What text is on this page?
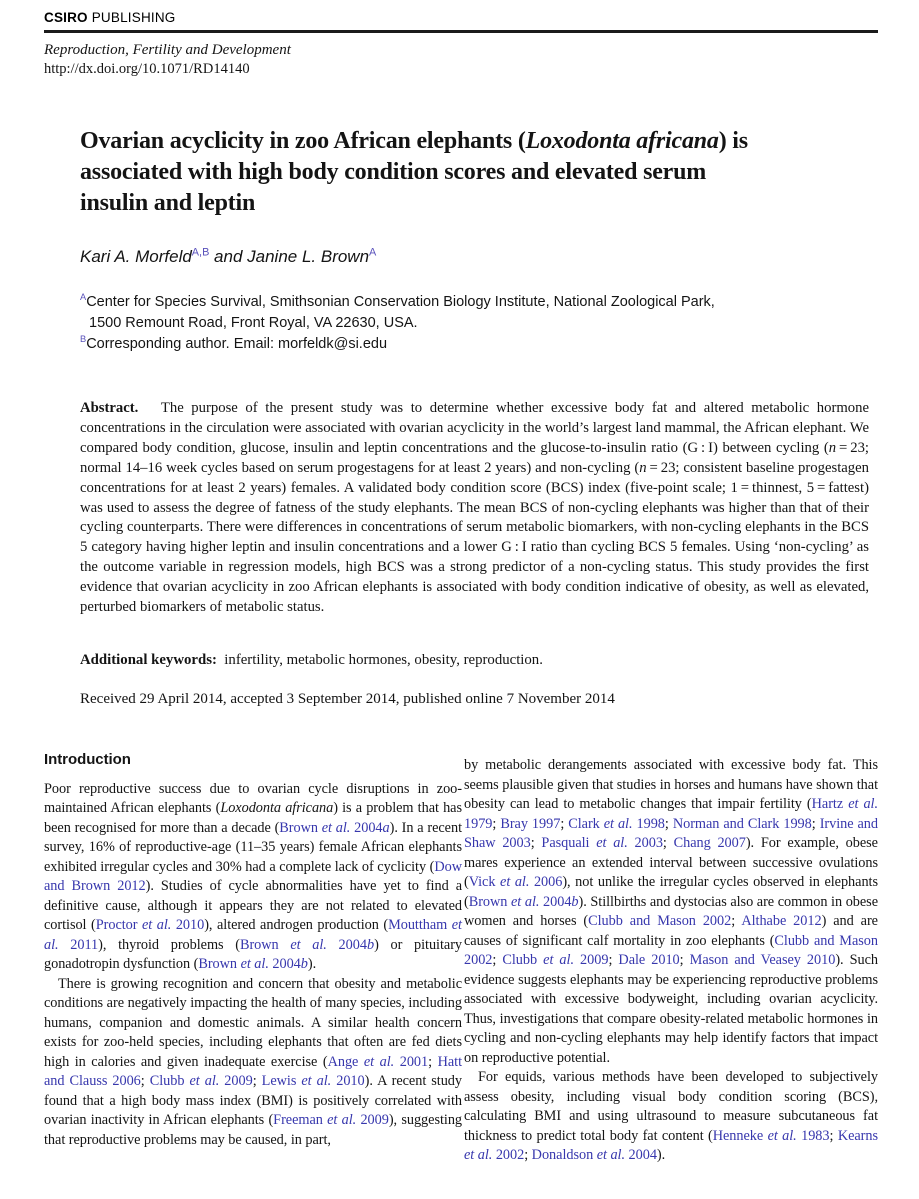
CSIRO PUBLISHING
Reproduction, Fertility and Development
http://dx.doi.org/10.1071/RD14140
Ovarian acyclicity in zoo African elephants (Loxodonta africana) is associated with high body condition scores and elevated serum insulin and leptin
Kari A. Morfeld$^{A,B}$ and Janine L. Brown$^A$

$^A$Center for Species Survival, Smithsonian Conservation Biology Institute, National Zoological Park, 1500 Remount Road, Front Royal, VA 22630, USA.

$^B$Corresponding author. Email: morfeldk@si.edu

Abstract.   The purpose of the present study was to determine whether excessive body fat and altered metabolic hormone concentrations in the circulation were associated with ovarian acyclicity in the world’s largest land mammal, the African elephant. We compared body condition, glucose, insulin and leptin concentrations and the glucose-to-insulin ratio (G : I) between cycling (n = 23; normal 14–16 week cycles based on serum progestagens for at least 2 years) and non-cycling (n = 23; consistent baseline progestagen concentrations for at least 2 years) females. A validated body condition score (BCS) index (five-point scale; 1 = thinnest, 5 = fattest) was used to assess the degree of fatness of the study elephants. The mean BCS of non-cycling elephants was higher than that of their cycling counterparts. There were differences in concentrations of serum metabolic biomarkers, with non-cycling elephants in the BCS 5 category having higher leptin and insulin concentrations and a lower G : I ratio than cycling BCS 5 females. Using ‘non-cycling’ as the outcome variable in regression models, high BCS was a strong predictor of a non-cycling status. This study provides the first evidence that ovarian acyclicity in zoo African elephants is associated with body condition indicative of obesity, as well as elevated, perturbed biomarkers of metabolic status.
Additional keywords:  infertility, metabolic hormones, obesity, reproduction.
Received 29 April 2014, accepted 3 September 2014, published online 7 November 2014
Introduction

Poor reproductive success due to ovarian cycle disruptions in zoo-maintained African elephants (Loxodonta africana) is a problem that has been recognised for more than a decade (Brown et al. 2004a). In a recent survey, 16% of reproductive-age (11–35 years) female African elephants exhibited irregular cycles and 30% had a complete lack of cyclicity (Dow and Brown 2012). Studies of cycle abnormalities have yet to find a definitive cause, although it appears they are not related to elevated cortisol (Proctor et al. 2010), altered androgen production (Mouttham et al. 2011), thyroid problems (Brown et al. 2004b) or pituitary gonadotropin dysfunction (Brown et al. 2004b).

There is growing recognition and concern that obesity and metabolic conditions are negatively impacting the health of many species, including humans, companion and domestic animals. A similar health concern exists for zoo-held species, including elephants that often are fed diets high in calories and given inadequate exercise (Ange et al. 2001; Hatt and Clauss 2006; Clubb et al. 2009; Lewis et al. 2010). A recent study found that a high body mass index (BMI) is positively correlated with ovarian inactivity in African elephants (Freeman et al. 2009), suggesting that reproductive problems may be caused, in part,

by metabolic derangements associated with excessive body fat. This seems plausible given that studies in horses and humans have shown that obesity can lead to metabolic changes that impair fertility (Hartz et al. 1979; Bray 1997; Clark et al. 1998; Norman and Clark 1998; Irvine and Shaw 2003; Pasquali et al. 2003; Chang 2007). For example, obese mares experience an extended interval between successive ovulations (Vick et al. 2006), not unlike the irregular cycles observed in elephants (Brown et al. 2004b). Stillbirths and dystocias also are common in obese women and horses (Clubb and Mason 2002; Althabe 2012) and are causes of significant calf mortality in zoo elephants (Clubb and Mason 2002; Clubb et al. 2009; Dale 2010; Mason and Veasey 2010). Such evidence suggests elephants may be experiencing reproductive problems associated with excessive bodyweight, including ovarian acyclicity. Thus, investigations that compare obesity-related metabolic hormones in cycling and non-cycling elephants may help identify factors that impact on reproductive potential.

For equids, various methods have been developed to subjectively assess obesity, including visual body condition scoring (BCS), calculating BMI and using ultrasound to measure subcutaneous fat thickness to predict total body fat content (Henneke et al. 1983; Kearns et al. 2002; Donaldson et al. 2004).
